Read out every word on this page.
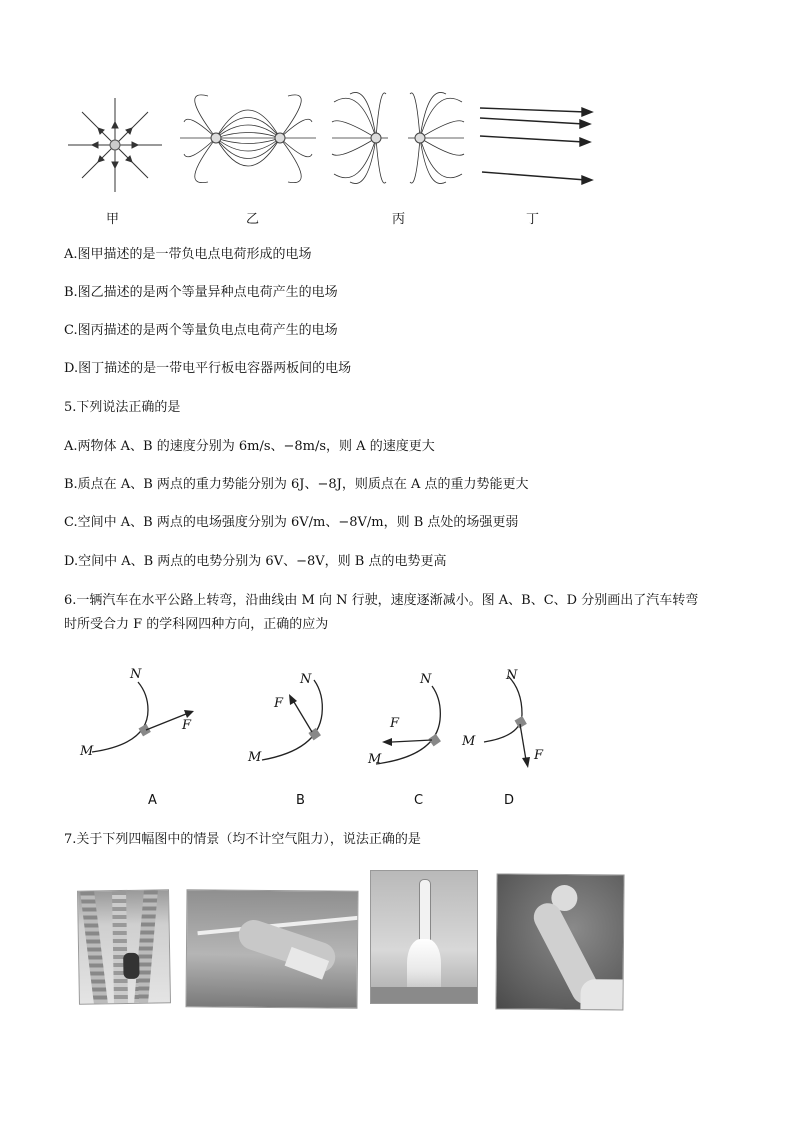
甲	乙	丙	丁
A.图甲描述的是一带负电点电荷形成的电场
B.图乙描述的是两个等量异种点电荷产生的电场
C.图丙描述的是两个等量负电点电荷产生的电场
D.图丁描述的是一带电平行板电容器两板间的电场
5.下列说法正确的是
A.两物体 A、B 的速度分别为 6m/s、−8m/s，则 A 的速度更大
B.质点在 A、B 两点的重力势能分别为 6J、−8J，则质点在 A 点的重力势能更大
C.空间中 A、B 两点的电场强度分别为 6V/m、−8V/m，则 B 点处的场强更弱
D.空间中 A、B 两点的电势分别为 6V、−8V，则 B 点的电势更高
6.一辆汽车在水平公路上转弯，沿曲线由 M 向 N 行驶，速度逐渐减小。图 A、B、C、D 分别画出了汽车转弯
时所受合力 F 的学科网四种方向，正确的应为
N
M
F
A
N
M
F
B
N
M
F
C
N
M
F
D
7.关于下列四幅图中的情景（均不计空气阻力），说法正确的是
